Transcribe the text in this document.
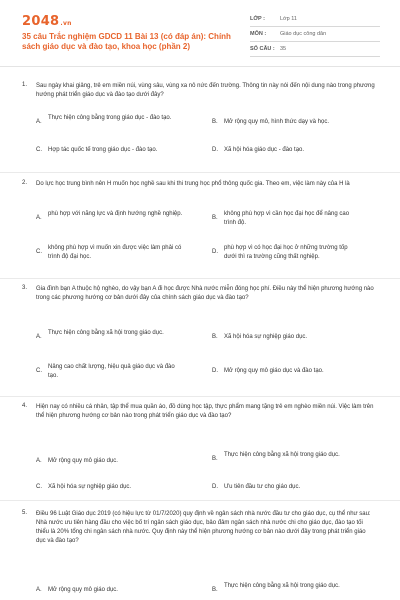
2048.vn
35 câu Trắc nghiệm GDCD 11 Bài 13 (có đáp án): Chính sách giáo dục và đào tạo, khoa học (phần 2)
LỚP :	Lớp 11
MÔN :	Giáo dục công dân
SỐ CÂU : 35
1. Sau ngày khai giảng, trẻ em miền núi, vùng sâu, vùng xa nô nức đến trường. Thông tin này nói đến nội dung nào trong phương hướng phát triển giáo dục và đào tạo dưới đây?
A.
Thực hiện công bằng trong giáo dục - đào tạo.
B. Mở rộng quy mô, hình thức dạy và học.
C. Hợp tác quốc tế trong giáo dục - đào tạo.	D. Xã hội hóa giáo dục - đào tạo.
2. Do lực học trung bình nên H muốn học nghề sau khi thi trung học phổ thông quốc gia. Theo em, việc làm này của H là
A.
phù hợp với năng lực và định hướng nghề nghiệp.
B.
không phù hợp vì cần học đại học để nâng cao trình độ.
C.
không phù hợp vì muốn xin được việc làm phải có trình độ đại học.
D.
phù hợp vì có học đại học ở những trường tốp dưới thì ra trường cũng thất nghiệp.
3. Gia đình bạn A thuộc hộ nghèo, do vậy bạn A đi học được Nhà nước miễn đóng học phí. Điều này thể hiện phương hướng nào trong các phương hướng cơ bản dưới đây của chính sách giáo dục và đào tạo?
A.
Thực hiện công bằng xã hội trong giáo dục.
B. Xã hội hóa sự nghiệp giáo dục.
C.
Nâng cao chất lượng, hiệu quả giáo dục và đào tạo.
D. Mở rộng quy mô giáo dục và đào tạo.
4. Hiện nay có nhiều cá nhân, tập thể mua quần áo, đồ dùng học tập, thực phẩm mang tặng trẻ em nghèo miền núi. Việc làm trên thể hiện phương hướng cơ bản nào trong phát triển giáo dục và đào tạo?
A. Mở rộng quy mô giáo dục.	B.
Thực hiện công bằng xã hội trong giáo dục.
C. Xã hội hóa sự nghiệp giáo dục.	D. Ưu tiên đầu tư cho giáo dục.
5. Điều 96 Luật Giáo dục 2019 (có hiệu lực từ 01/7/2020) quy định về ngân sách nhà nước đầu tư cho giáo dục, cụ thể như sau: Nhà nước ưu tiên hàng đầu cho việc bố trí ngân sách giáo dục, bảo đảm ngân sách nhà nước chi cho giáo dục, đào tạo tối thiểu là 20% tổng chi ngân sách nhà nước. Quy định này thể hiện phương hướng cơ bản nào dưới đây trong phát triển giáo dục và đào tạo?
A. Mở rộng quy mô giáo dục.	B.
Thực hiện công bằng xã hội trong giáo dục.
